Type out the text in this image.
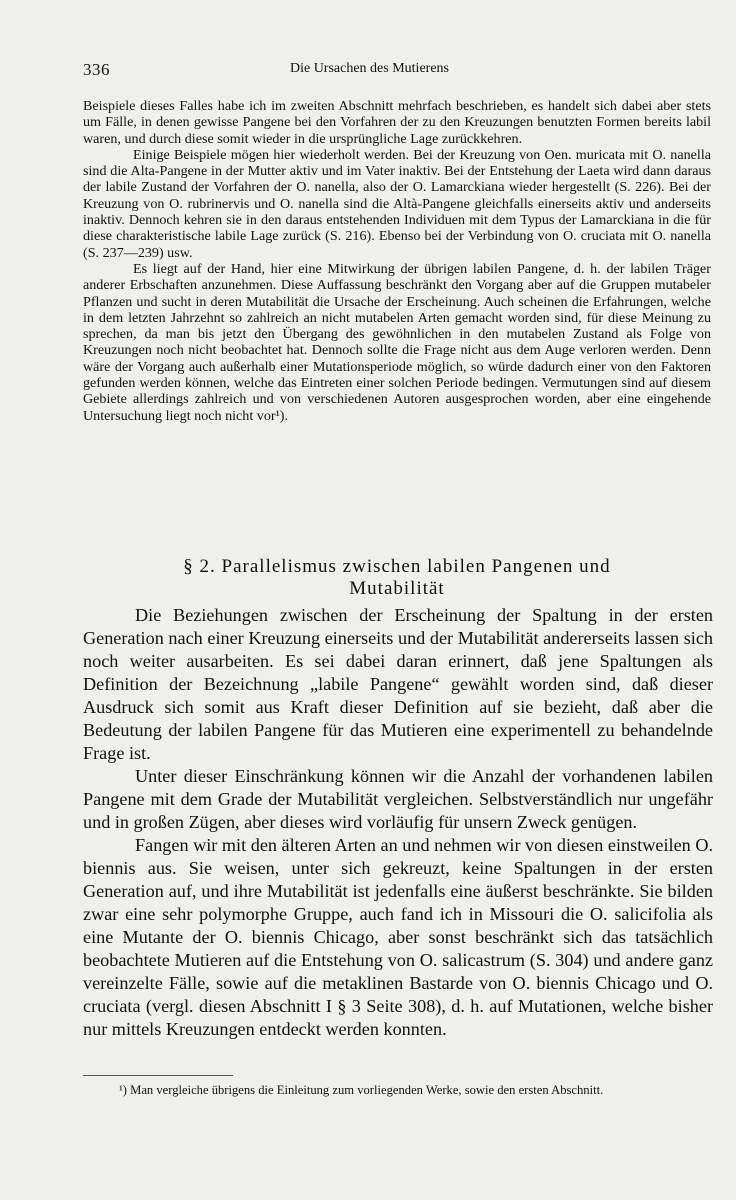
336	Die Ursachen des Mutierens

Beispiele dieses Falles habe ich im zweiten Abschnitt mehrfach beschrieben, es handelt sich dabei aber stets um Fälle, in denen gewisse Pangene bei den Vorfahren der zu den Kreuzungen benutzten Formen bereits labil waren, und durch diese somit wieder in die ursprüngliche Lage zurückkehren.

Einige Beispiele mögen hier wiederholt werden. Bei der Kreuzung von Oen. muricata mit O. nanella sind die Alta-Pangene in der Mutter aktiv und im Vater inaktiv. Bei der Entstehung der Laeta wird dann daraus der labile Zustand der Vorfahren der O. nanella, also der O. Lamarckiana wieder hergestellt (S. 226). Bei der Kreuzung von O. rubrinervis und O. nanella sind die Altà-Pangene gleichfalls einerseits aktiv und anderseits inaktiv. Dennoch kehren sie in den daraus entstehenden Individuen mit dem Typus der Lamarckiana in die für diese charakteristische labile Lage zurück (S. 216). Ebenso bei der Verbindung von O. cruciata mit O. nanella (S. 237—239) usw.

Es liegt auf der Hand, hier eine Mitwirkung der übrigen labilen Pangene, d. h. der labilen Träger anderer Erbschaften anzunehmen. Diese Auffassung beschränkt den Vorgang aber auf die Gruppen mutabeler Pflanzen und sucht in deren Mutabilität die Ursache der Erscheinung. Auch scheinen die Erfahrungen, welche in dem letzten Jahrzehnt so zahlreich an nicht mutabelen Arten gemacht worden sind, für diese Meinung zu sprechen, da man bis jetzt den Übergang des gewöhnlichen in den mutabelen Zustand als Folge von Kreuzungen noch nicht beobachtet hat. Dennoch sollte die Frage nicht aus dem Auge verloren werden. Denn wäre der Vorgang auch außerhalb einer Mutationsperiode möglich, so würde dadurch einer von den Faktoren gefunden werden können, welche das Eintreten einer solchen Periode bedingen. Vermutungen sind auf diesem Gebiete allerdings zahlreich und von verschiedenen Autoren ausgesprochen worden, aber eine eingehende Untersuchung liegt noch nicht vor¹).

§ 2. Parallelismus zwischen labilen Pangenen und
Mutabilität

Die Beziehungen zwischen der Erscheinung der Spaltung in der ersten Generation nach einer Kreuzung einerseits und der Mutabilität andererseits lassen sich noch weiter ausarbeiten. Es sei dabei daran erinnert, daß jene Spaltungen als Definition der Bezeichnung „labile Pangene“ gewählt worden sind, daß dieser Ausdruck sich somit aus Kraft dieser Definition auf sie bezieht, daß aber die Bedeutung der labilen Pangene für das Mutieren eine experimentell zu behandelnde Frage ist.

Unter dieser Einschränkung können wir die Anzahl der vorhandenen labilen Pangene mit dem Grade der Mutabilität vergleichen. Selbstverständlich nur ungefähr und in großen Zügen, aber dieses wird vorläufig für unsern Zweck genügen.

Fangen wir mit den älteren Arten an und nehmen wir von diesen einstweilen O. biennis aus. Sie weisen, unter sich gekreuzt, keine Spaltungen in der ersten Generation auf, und ihre Mutabilität ist jedenfalls eine äußerst beschränkte. Sie bilden zwar eine sehr polymorphe Gruppe, auch fand ich in Missouri die O. salicifolia als eine Mutante der O. biennis Chicago, aber sonst beschränkt sich das tatsächlich beobachtete Mutieren auf die Entstehung von O. salicastrum (S. 304) und andere ganz vereinzelte Fälle, sowie auf die metaklinen Bastarde von O. biennis Chicago und O. cruciata (vergl. diesen Abschnitt I § 3 Seite 308), d. h. auf Mutationen, welche bisher nur mittels Kreuzungen entdeckt werden konnten.

¹) Man vergleiche übrigens die Einleitung zum vorliegenden Werke, sowie den ersten Abschnitt.
